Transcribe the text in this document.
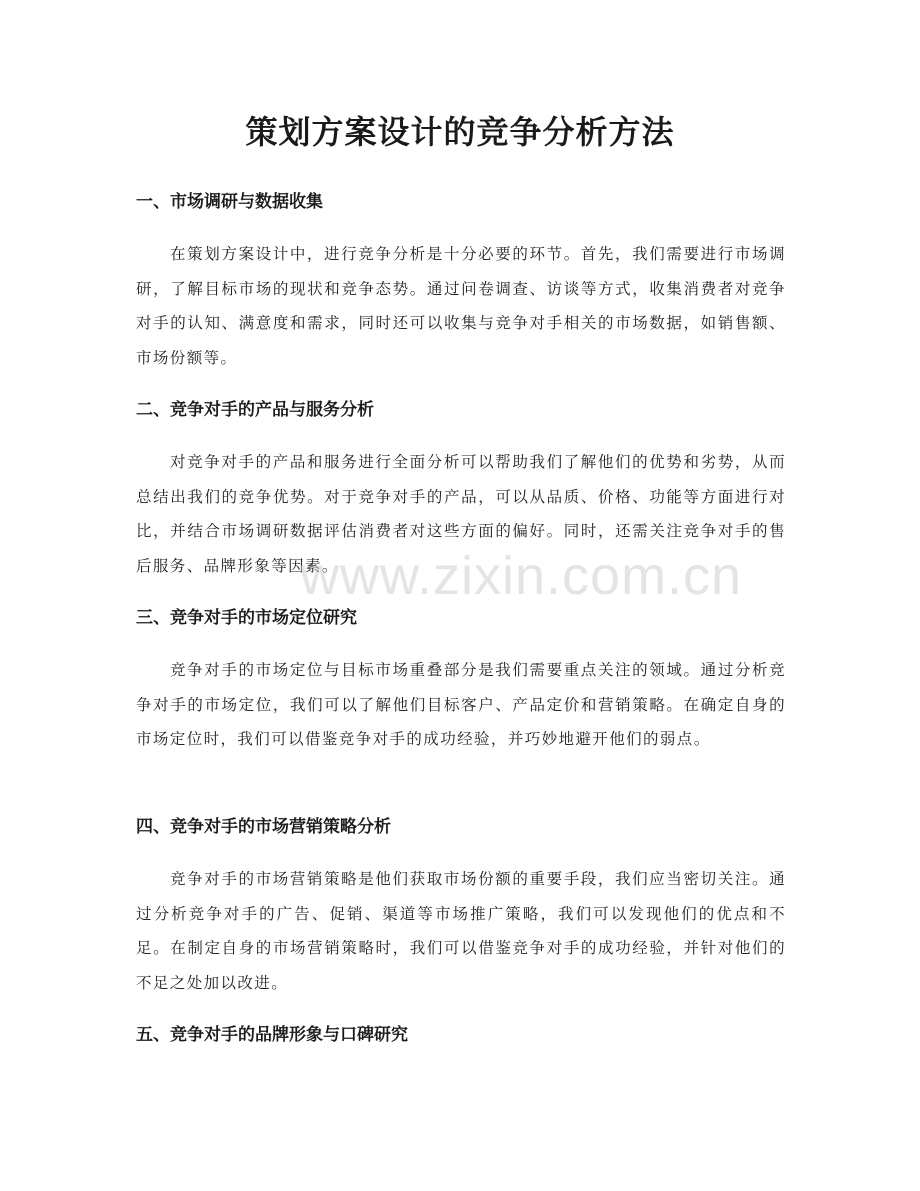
策划方案设计的竞争分析方法
一、市场调研与数据收集

在策划方案设计中，进行竞争分析是十分必要的环节。首先，我们需要进行市场调研，了解目标市场的现状和竞争态势。通过问卷调查、访谈等方式，收集消费者对竞争对手的认知、满意度和需求，同时还可以收集与竞争对手相关的市场数据，如销售额、市场份额等。

二、竞争对手的产品与服务分析

对竞争对手的产品和服务进行全面分析可以帮助我们了解他们的优势和劣势，从而总结出我们的竞争优势。对于竞争对手的产品，可以从品质、价格、功能等方面进行对比，并结合市场调研数据评估消费者对这些方面的偏好。同时，还需关注竞争对手的售后服务、品牌形象等因素。

三、竞争对手的市场定位研究

竞争对手的市场定位与目标市场重叠部分是我们需要重点关注的领域。通过分析竞争对手的市场定位，我们可以了解他们目标客户、产品定价和营销策略。在确定自身的市场定位时，我们可以借鉴竞争对手的成功经验，并巧妙地避开他们的弱点。

四、竞争对手的市场营销策略分析

竞争对手的市场营销策略是他们获取市场份额的重要手段，我们应当密切关注。通过分析竞争对手的广告、促销、渠道等市场推广策略，我们可以发现他们的优点和不足。在制定自身的市场营销策略时，我们可以借鉴竞争对手的成功经验，并针对他们的不足之处加以改进。

五、竞争对手的品牌形象与口碑研究
www.zixin.com.cn
